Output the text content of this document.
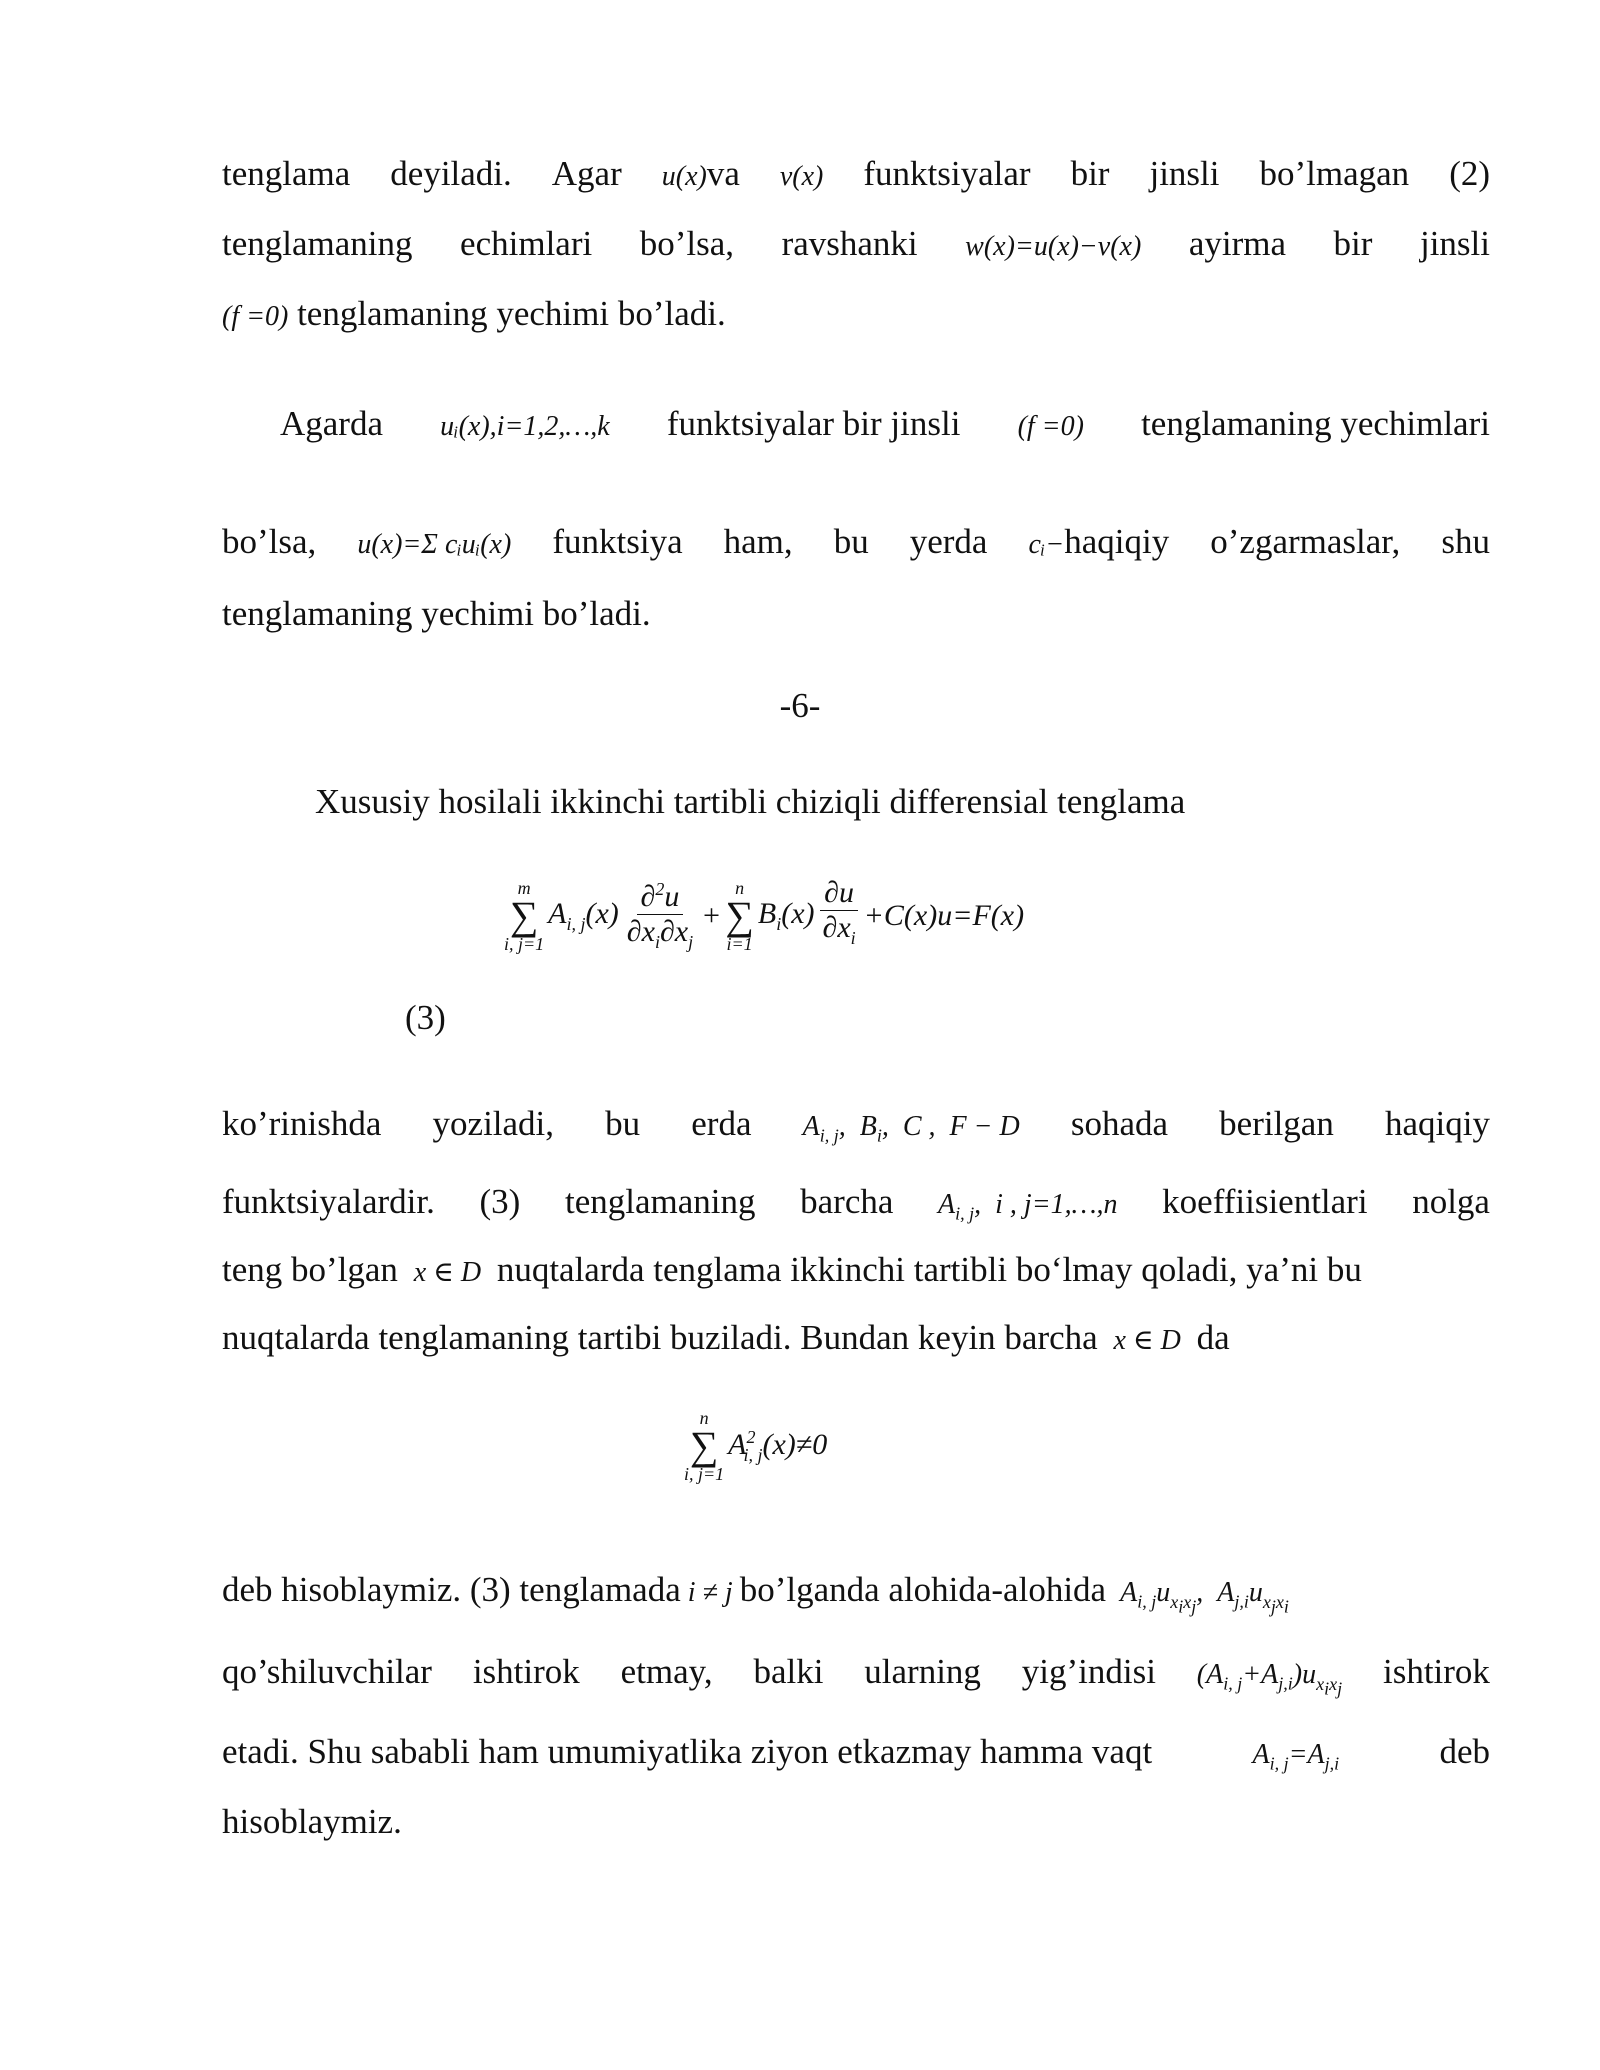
tenglama deyiladi. Agar u(x)va v(x) funktsiyalar bir jinsli bo’lmagan (2)
tenglamaning echimlari bo’lsa, ravshanki w(x)=u(x)−v(x) ayirma bir jinsli
(f =0) tenglamaning yechimi bo’ladi.
Agarda uᵢ(x),i=1,2,…,k funktsiyalar bir jinsli (f =0) tenglamaning yechimlari
bo’lsa, u(x)=Σ cᵢuᵢ(x) funktsiya ham, bu yerda cᵢ−haqiqiy o’zgarmaslar, shu
tenglamaning yechimi bo’ladi.
-6-
Xususiy hosilali ikkinchi tartibli chiziqli differensial tenglama
m
∑
i, j=1
$A_{i, j}(x) \frac{\partial^2u}{\partial x_i\partial x_j}$ +
n
∑
i=1
$B_i(x) \frac{\partial u}{\partial x_i} +C(x)u=F(x)$
(3)
ko’rinishda yoziladi, bu erda $A_{i, j}$,  $B_i$,  C ,  F − D sohada berilgan haqiqiy
funktsiyalardir. (3) tenglamaning barcha $A_{i, j}$,  i , j=1,…,n koeffiisientlari nolga
teng bo’lgan  x ∈ D  nuqtalarda tenglama ikkinchi tartibli bo‘lmay qoladi, ya’ni bu
nuqtalarda tenglamaning tartibi buziladi. Bundan keyin barcha  x ∈ D  da
n
∑
i, j=1
$A^2_{i, j}(x)\ne 0$
deb hisoblaymiz. (3) tenglamada i ≠ j bo’lganda alohida-alohida $A_{i, j}u_{x_ix_j}$,  $A_{j,i}u_{x_jx_i}$
qo’shiluvchilar ishtirok etmay, balki ularning yig’indisi $(A_{i, j}+A_{j,i})u_{x_ix_j}$ ishtirok
etadi. Shu sababli ham umumiyatlika ziyon etkazmay hamma vaqt	$A_{i, j}=A_{j,i}$	deb
hisoblaymiz.
